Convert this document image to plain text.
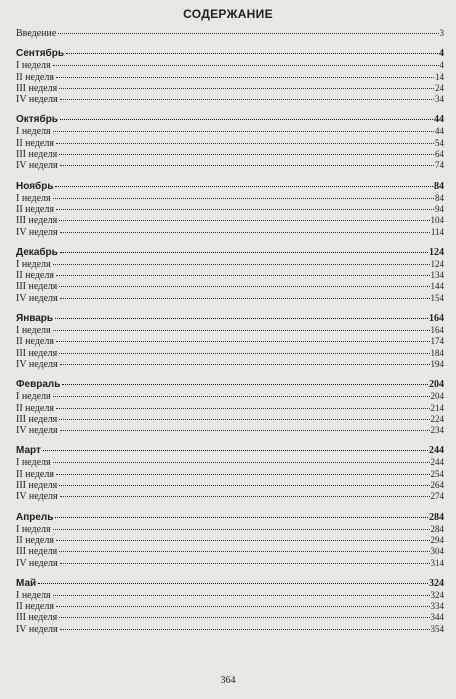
СОДЕРЖАНИЕ
Введение	3
Сентябрь	4
I неделя	4
II неделя	14
III неделя	24
IV неделя	34
Октябрь	44
I неделя	44
II неделя	54
III неделя	64
IV неделя	74
Ноябрь	84
I неделя	84
II неделя	94
III неделя	104
IV неделя	114
Декабрь	124
I неделя	124
II неделя	134
III неделя	144
IV неделя	154
Январь	164
I неделя	164
II неделя	174
III неделя	184
IV неделя	194
Февраль	204
I неделя	204
II неделя	214
III неделя	224
IV неделя	234
Март	244
I неделя	244
II неделя	254
III неделя	264
IV неделя	274
Апрель	284
I неделя	284
II неделя	294
III неделя	304
IV неделя	314
Май	324
I неделя	324
II неделя	334
III неделя	344
IV неделя	354
364
